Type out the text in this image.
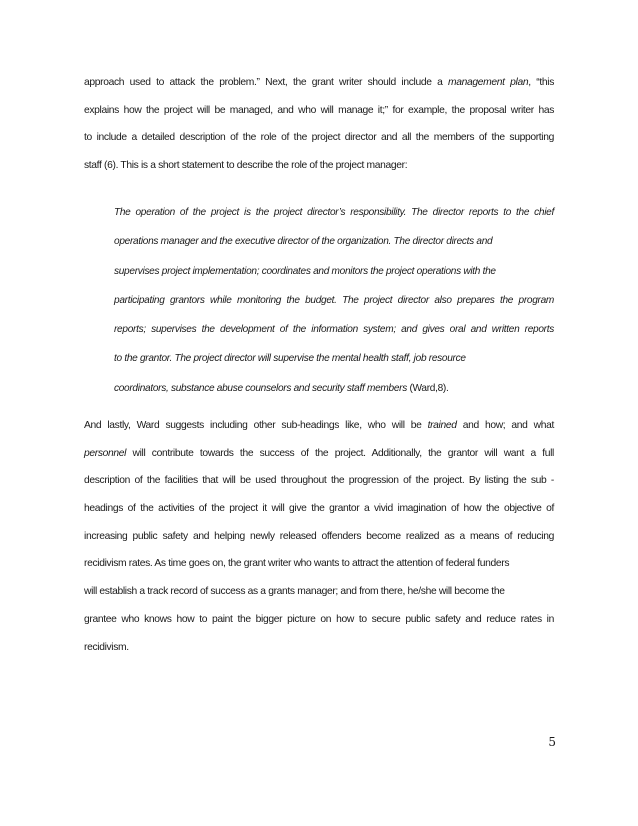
approach used to attack the problem.” Next, the grant writer should include a management plan, “this
explains how the project will be managed, and who will manage it;” for example, the proposal writer has
to include a detailed description of the role of the project director and all the members of the supporting
staff (6). This is a short statement to describe the role of the project manager:
The operation of the project is the project director’s responsibility. The director reports to the chief
operations manager and the executive director of the organization. The director directs and
supervises project implementation; coordinates and monitors the project operations with the
participating grantors while monitoring the budget. The project director also prepares the program
reports; supervises the development of the information system; and gives oral and written reports
to the grantor. The project director will supervise the mental health staff, job resource
coordinators, substance abuse counselors and security staff members (Ward,8).
And lastly, Ward suggests including other sub-headings like, who will be trained and how; and what
personnel will contribute towards the success of the project. Additionally, the grantor will want a full
description of the facilities that will be used throughout the progression of the project. By listing the sub -
headings of the activities of the project it will give the grantor a vivid imagination of how the objective of
increasing public safety and helping newly released offenders become realized as a means of reducing
recidivism rates. As time goes on, the grant writer who wants to attract the attention of federal funders
will establish a track record of success as a grants manager; and from there, he/she will become the
grantee who knows how to paint the bigger picture on how to secure public safety and reduce rates in
recidivism.
5
